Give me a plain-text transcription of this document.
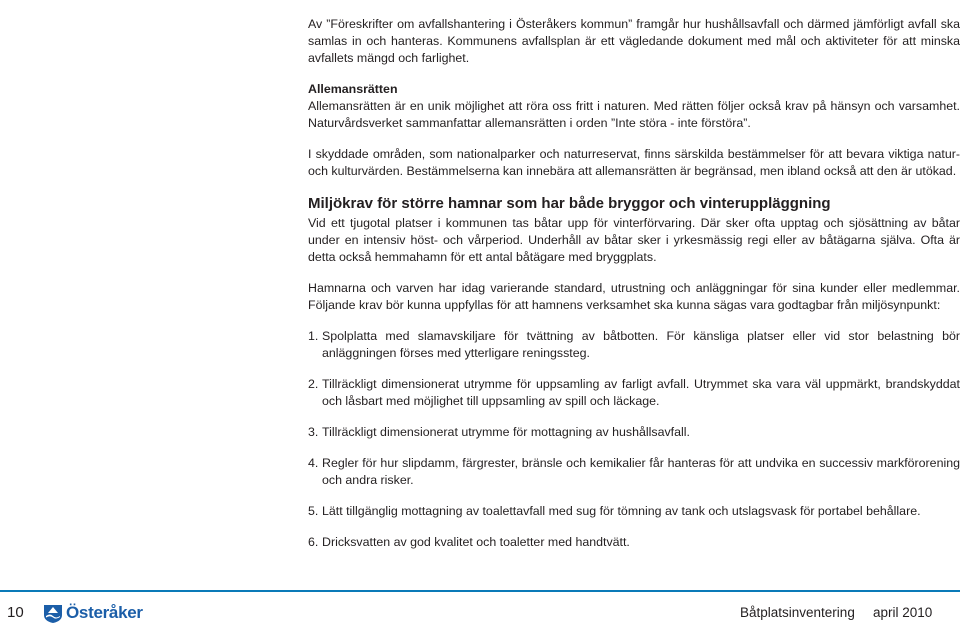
Av ”Föreskrifter om avfallshantering i Österåkers kommun” framgår hur hushållsavfall och därmed jämförligt avfall ska samlas in och hanteras. Kommunens avfallsplan är ett vägledande dokument med mål och aktiviteter för att minska avfallets mängd och farlighet.

Allemansrätten

Allemansrätten är en unik möjlighet att röra oss fritt i naturen. Med rätten följer också krav på hänsyn och varsamhet. Naturvårdsverket sammanfattar allemansrätten i orden ”Inte störa - inte förstöra”.

I skyddade områden, som nationalparker och naturreservat, finns särskilda bestämmelser för att bevara viktiga natur- och kulturvärden. Bestämmelserna kan innebära att allemansrätten är begränsad, men ibland också att den är utökad.

Miljökrav för större hamnar som har både bryggor och vinteruppläggning

Vid ett tjugotal platser i kommunen tas båtar upp för vinterförvaring. Där sker ofta upptag och sjösättning av båtar under en intensiv höst- och vårperiod. Underhåll av båtar sker i yrkesmässig regi eller av båtägarna själva. Ofta är detta också hemmahamn för ett antal båtägare med bryggplats.

Hamnarna och varven har idag varierande standard, utrustning och anläggningar för sina kunder eller medlemmar. Följande krav bör kunna uppfyllas för att hamnens verksamhet ska kunna sägas vara godtagbar från miljösynpunkt:

1. Spolplatta med slamavskiljare för tvättning av båtbotten. För känsliga platser eller vid stor belastning bör anläggningen förses med ytterligare reningssteg.
2. Tillräckligt dimensionerat utrymme för uppsamling av farligt avfall. Utrymmet ska vara väl uppmärkt, brandskyddat och låsbart med möjlighet till uppsamling av spill och läckage.
3. Tillräckligt dimensionerat utrymme för mottagning av hushållsavfall.
4. Regler för hur slipdamm, färgrester, bränsle och kemikalier får hanteras för att undvika en successiv markförorening och andra risker.
5. Lätt tillgänglig mottagning av toalettavfall med sug för tömning av tank och utslagsvask för portabel behållare.
6. Dricksvatten av god kvalitet och toaletter med handtvätt.
10 Österåker	Båtplatsinventering april 2010
